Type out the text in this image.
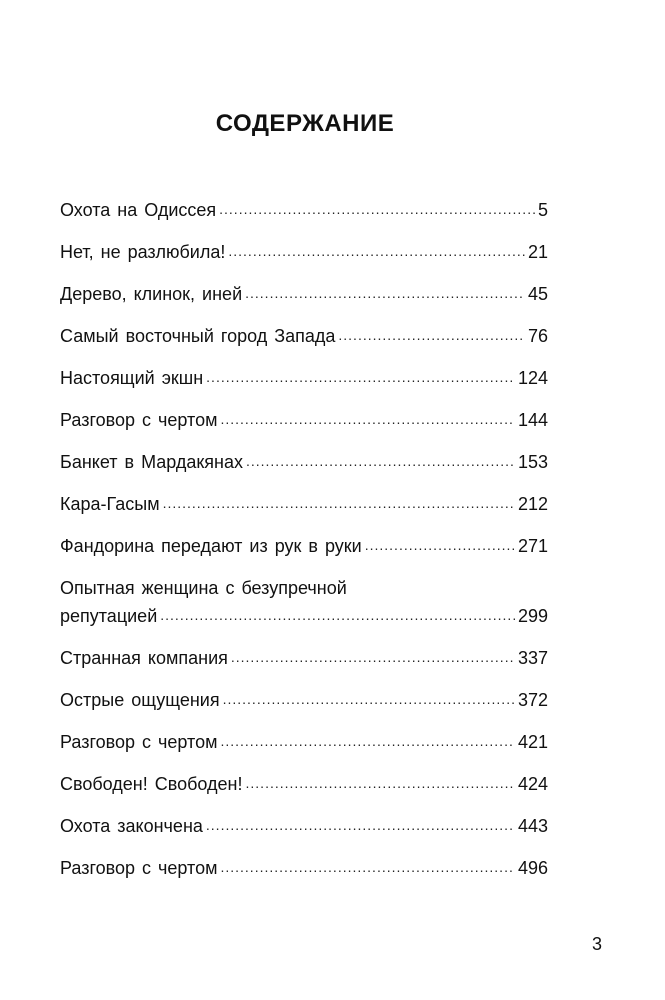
СОДЕРЖАНИЕ
Охота на Одиссея .....	5
Нет, не разлюбила! .....	21
Дерево, клинок, иней .....	45
Самый восточный город Запада .....	76
Настоящий экшн .....	124
Разговор с чертом .....	144
Банкет в Мардакянах .....	153
Кара-Гасым .....	212
Фандорина передают из рук в руки .....	271
Опытная женщина с безупречной
репутацией .....	299
Странная компания .....	337
Острые ощущения .....	372
Разговор с чертом .....	421
Свободен! Свободен! .....	424
Охота закончена .....	443
Разговор с чертом .....	496
3
